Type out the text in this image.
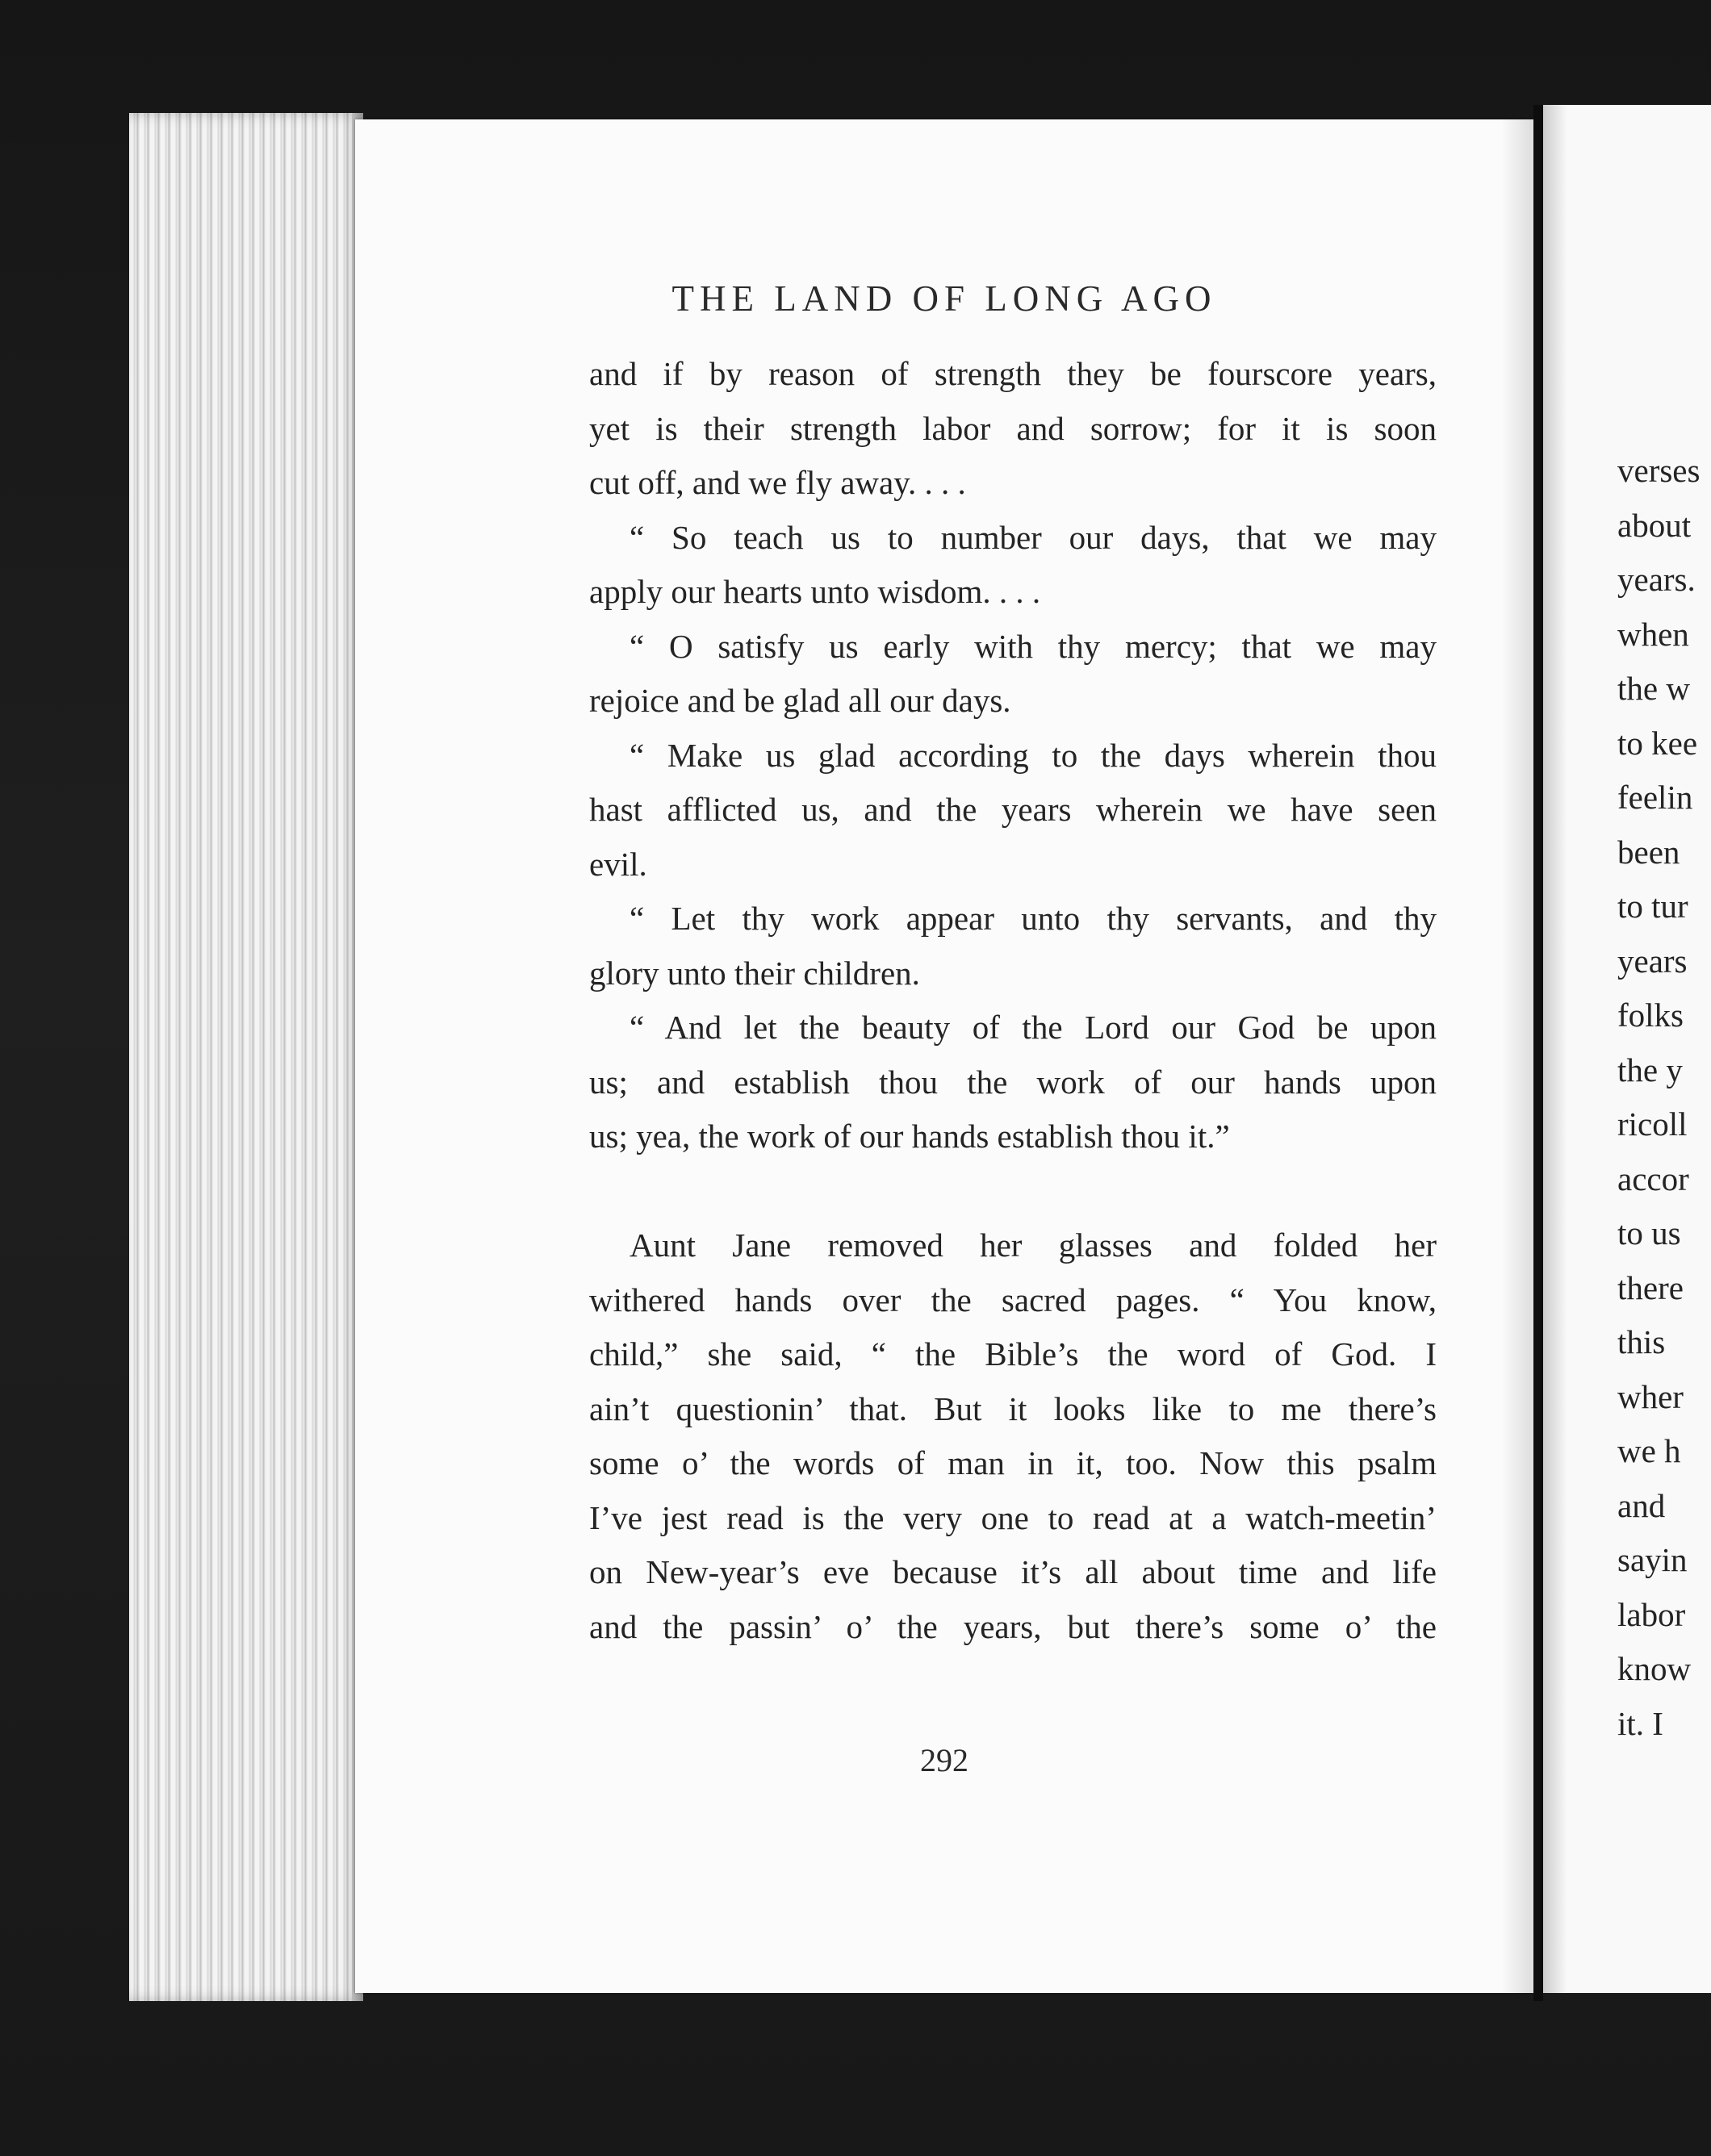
THE LAND OF LONG AGO
and if by reason of strength they be fourscore years,
yet is their strength labor and sorrow; for it is soon
cut off, and we fly away. . . .
“ So teach us to number our days, that we may
apply our hearts unto wisdom. . . .
“ O satisfy us early with thy mercy; that we may
rejoice and be glad all our days.
“ Make us glad according to the days wherein thou
hast afflicted us, and the years wherein we have seen
evil.
“ Let thy work appear unto thy servants, and thy
glory unto their children.
“ And let the beauty of the Lord our God be upon
us; and establish thou the work of our hands upon
us; yea, the work of our hands establish thou it.”
Aunt Jane removed her glasses and folded her
withered hands over the sacred pages. “ You know,
child,” she said, “ the Bible’s the word of God. I
ain’t questionin’ that. But it looks like to me there’s
some o’ the words of man in it, too. Now this psalm
I’ve jest read is the very one to read at a watch-meetin’
on New-year’s eve because it’s all about time and life
and the passin’ o’ the years, but there’s some o’ the
292
verses
about
years.
when
the w
to kee
feelin
been
to tur
years
folks
the y
ricoll
accor
to us
there
this
wher
we h
and
sayin
labor
know
it. I
